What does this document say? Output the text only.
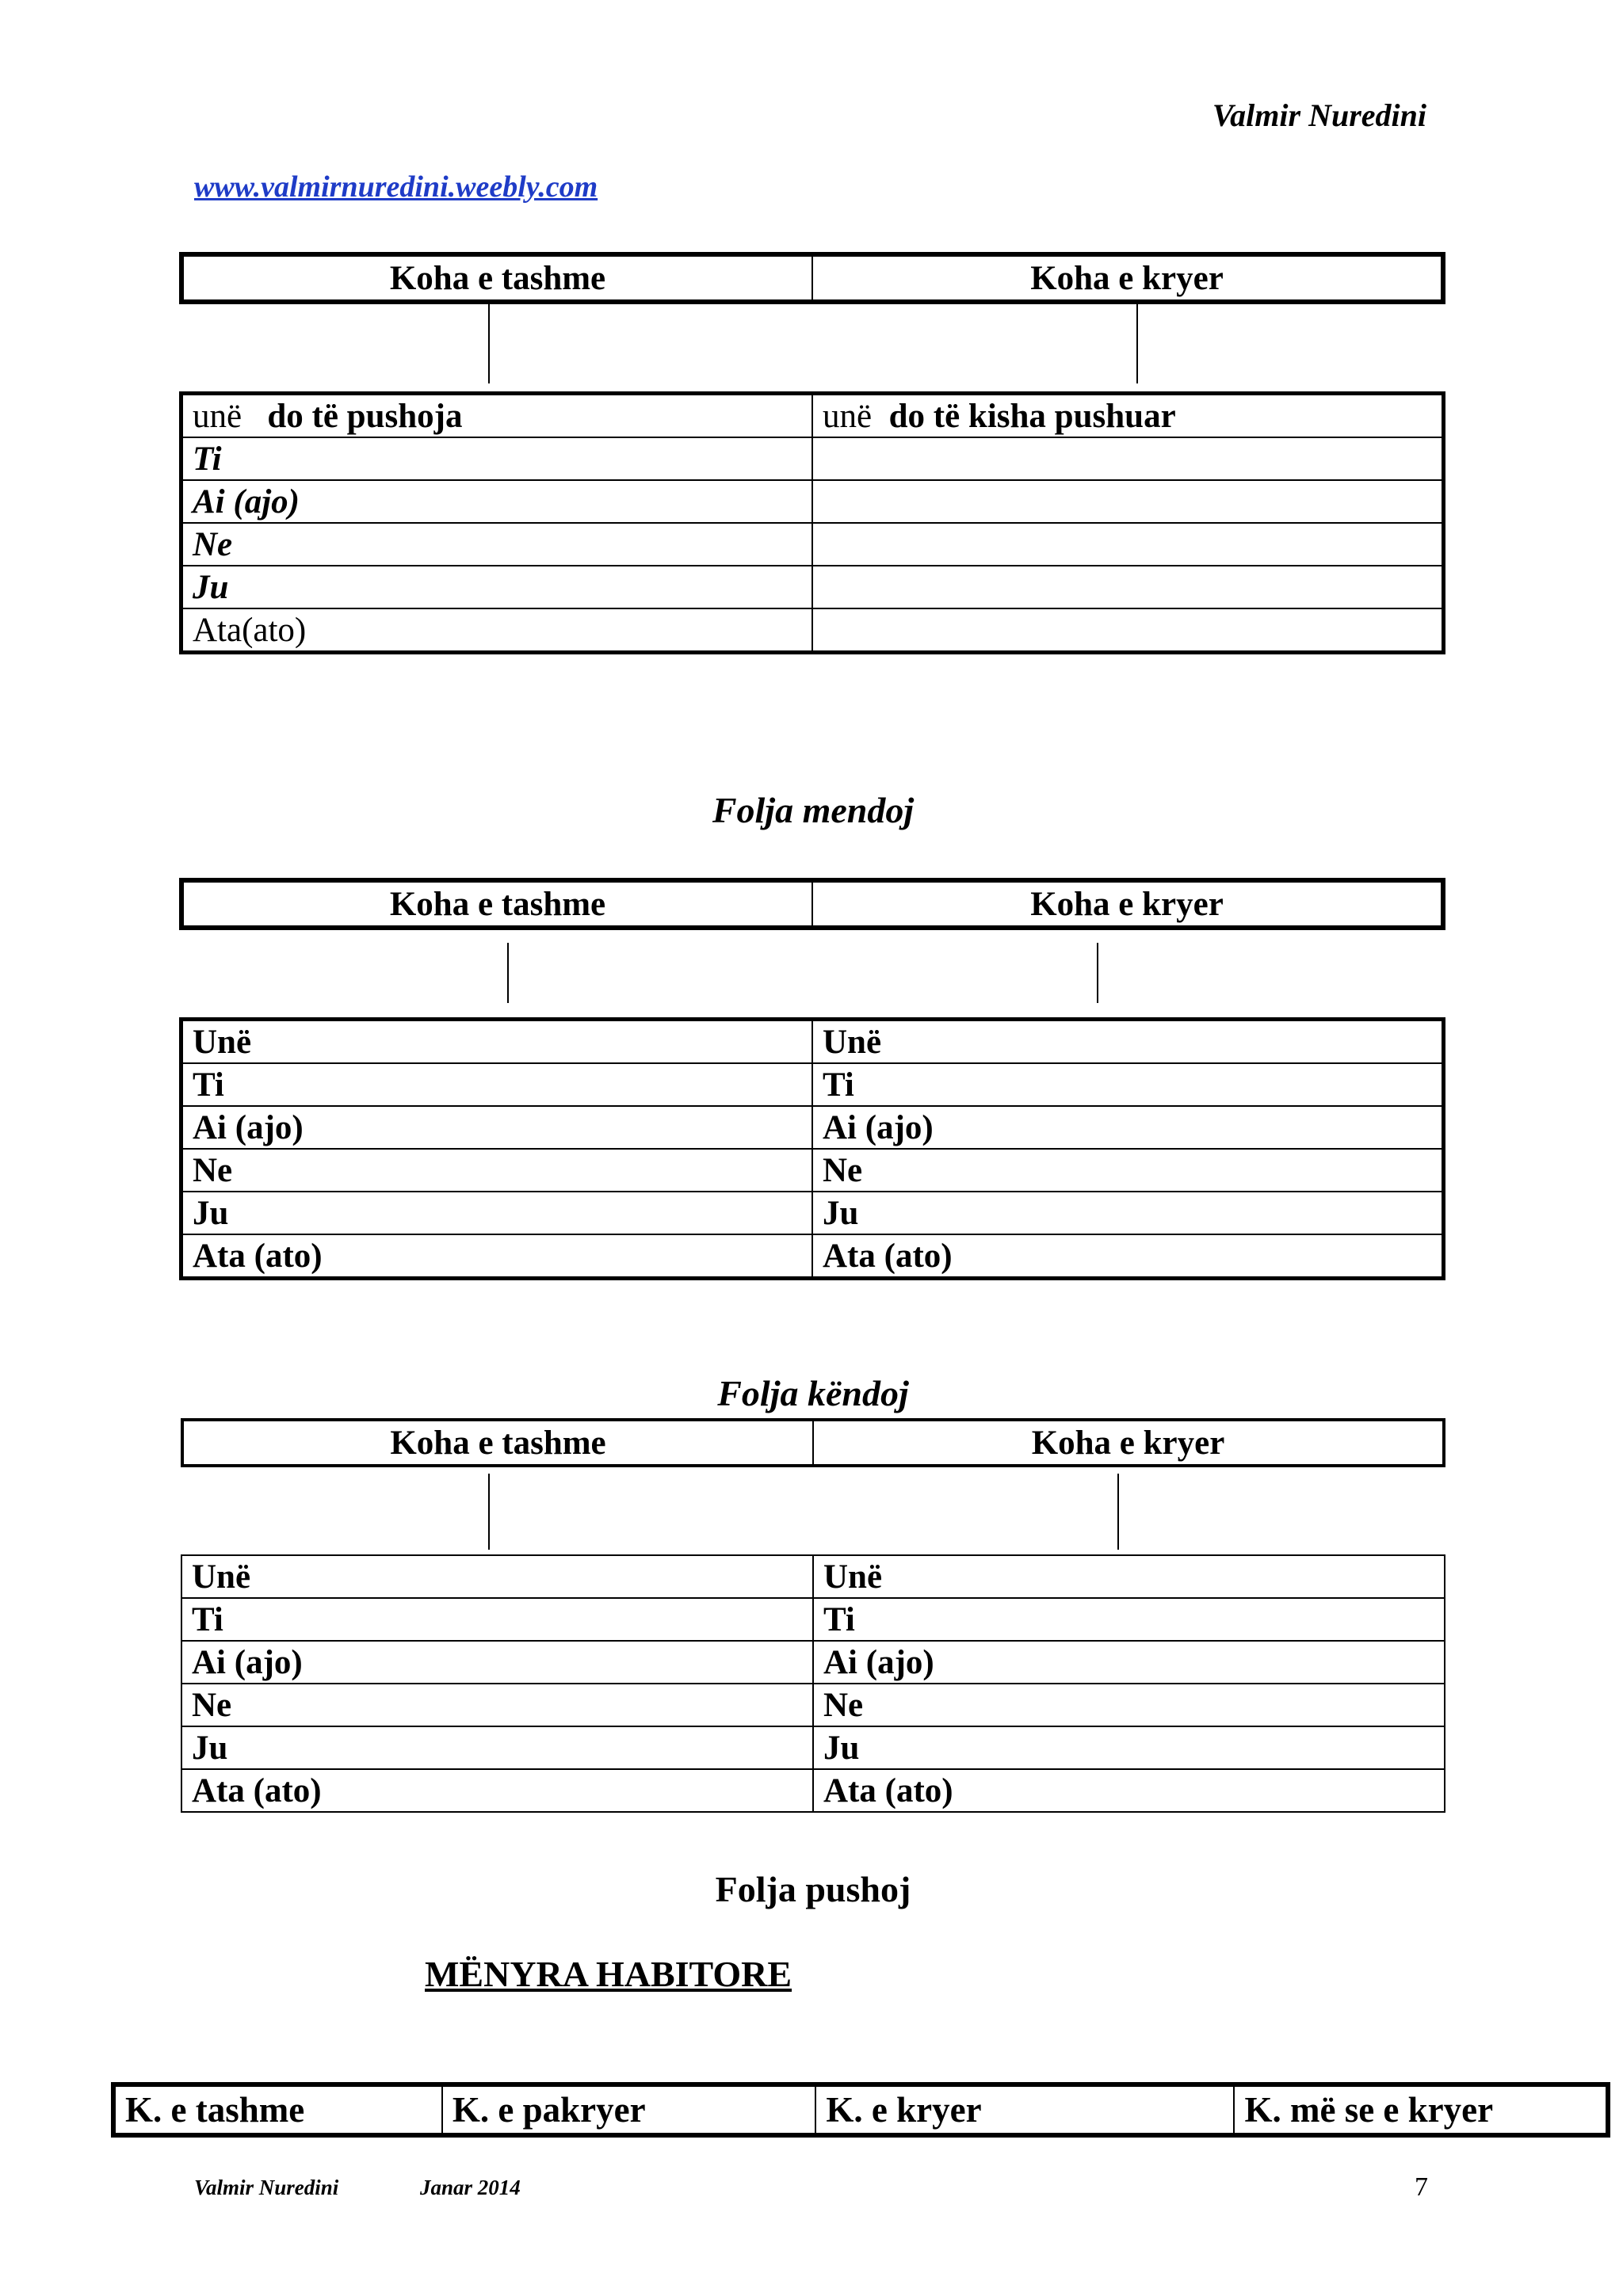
Valmir Nuredini
www.valmirnuredini.weebly.com
Koha e tashme	Koha e kryer
unë do të pushoja	unë do të kisha pushuar
Ti	
Ai (ajo)	
Ne	
Ju	
Ata(ato)	
Folja mendoj
Koha e tashme	Koha e kryer
Unë	Unë
Ti	Ti
Ai (ajo)	Ai (ajo)
Ne	Ne
Ju	Ju
Ata (ato)	Ata (ato)
Folja këndoj
Koha e tashme	Koha e kryer
Unë	Unë
Ti	Ti
Ai (ajo)	Ai (ajo)
Ne	Ne
Ju	Ju
Ata (ato)	Ata (ato)
Folja pushoj
MËNYRA HABITORE
K. e tashme	K. e pakryer	K. e kryer	K. më se e kryer
Valmir Nuredini	Janar 2014	7
